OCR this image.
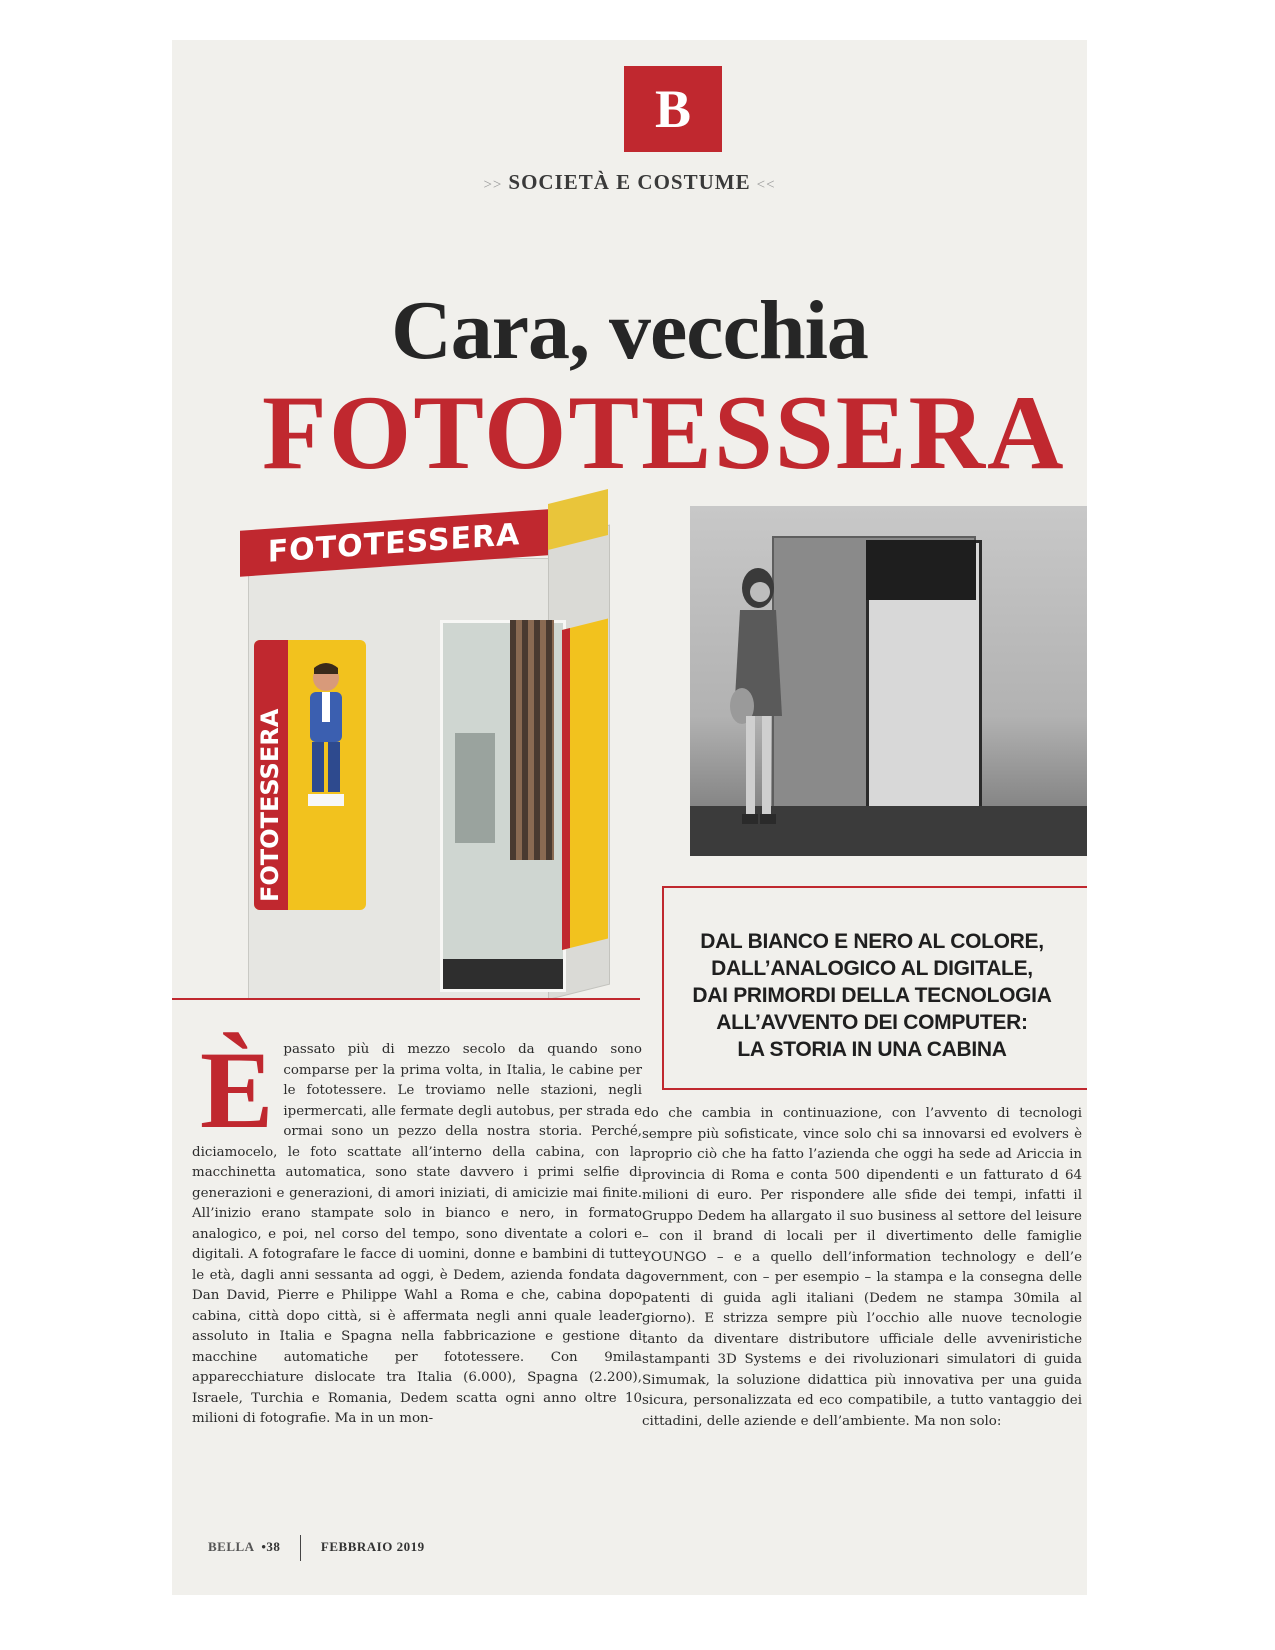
B
>> SOCIETÀ E COSTUME <<
Cara, vecchia
FOTOTESSERA
FOTOTESSERA
FOTOTESSERA
DAL BIANCO E NERO AL COLORE,
DALL’ANALOGICO AL DIGITALE,
DAI PRIMORDI DELLA TECNOLOGIA
ALL’AVVENTO DEI COMPUTER:
LA STORIA IN UNA CABINA
Èpassato più di mezzo secolo da quando sono comparse per la prima volta, in Italia, le cabine per le fototessere. Le troviamo nelle stazioni, negli ipermercati, alle fermate degli autobus, per strada e ormai sono un pezzo della nostra storia. Perché, diciamocelo, le foto scattate all’interno della cabina, con la macchinetta automatica, sono state davvero i primi selfie di generazioni e generazioni, di amori iniziati, di amicizie mai finite. All’inizio erano stampate solo in bianco e nero, in formato analogico, e poi, nel corso del tempo, sono diventate a colori e digitali. A fotografare le facce di uomini, donne e bambini di tutte le età, dagli anni sessanta ad oggi, è Dedem, azienda fondata da Dan David, Pierre e Philippe Wahl a Roma e che, cabina dopo cabina, città dopo città, si è affermata negli anni quale leader assoluto in Italia e Spagna nella fabbricazione e gestione di macchine automatiche per fototessere. Con 9mila apparecchiature dislocate tra Italia (6.000), Spagna (2.200), Israele, Turchia e Romania, Dedem scatta ogni anno oltre 10 milioni di fotografie. Ma in un mon-
do che cambia in continuazione, con l’avvento di tecnologi sempre più sofisticate, vince solo chi sa innovarsi ed evolvers è proprio ciò che ha fatto l’azienda che oggi ha sede ad Ariccia in provincia di Roma e conta 500 dipendenti e un fatturato d 64 milioni di euro. Per rispondere alle sfide dei tempi, infatti il Gruppo Dedem ha allargato il suo business al settore del leisure – con il brand di locali per il divertimento delle famiglie YOUNGO – e a quello dell’information technology e dell’e government, con – per esempio – la stampa e la consegna delle patenti di guida agli italiani (Dedem ne stampa 30mila al giorno). E strizza sempre più l’occhio alle nuove tecnologie tanto da diventare distributore ufficiale delle avveniristiche stampanti 3D Systems e dei rivoluzionari simulatori di guida Simumak, la soluzione didattica più innovativa per una guida sicura, personalizzata ed eco compatibile, a tutto vantaggio dei cittadini, delle aziende e dell’ambiente. Ma non solo:
BELLA  •38	FEBBRAIO 2019
